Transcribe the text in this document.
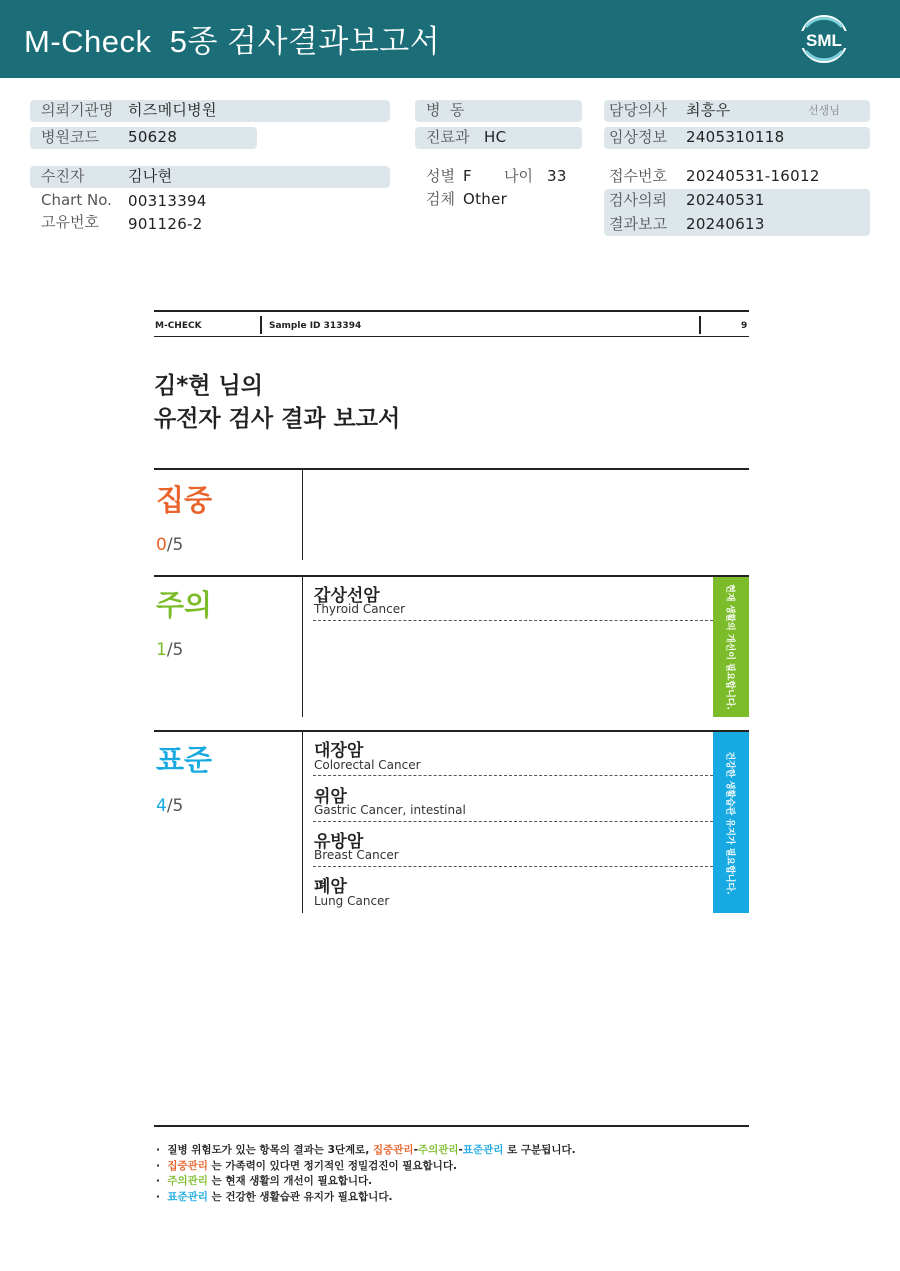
M-Check  5종 검사결과보고서	SML
의뢰기관명 히즈메디병원
병원코드 50628
병  동
진료과 HC
담당의사 최흥우	선생님
임상정보 2405310118
수진자	김나현
Chart No. 00313394
고유번호 901126-2
성별 F 나이 33
검체 Other
접수번호 20240531-16012
검사의뢰 20240531
결과보고 20240613
M-CHECK	Sample ID 313394	9
김*현 님의
유전자 검사 결과 보고서
집중
0/5
주의
1/5
갑상선암
Thyroid Cancer	현재 생활의 개선이 필요합니다.
표준
4/5
대장암
Colorectal Cancer
위암
Gastric Cancer, intestinal
유방암
Breast Cancer
폐암
Lung Cancer
건강한 생활습관 유지가 필요합니다.
·  질병 위험도가 있는 항목의 결과는 3단계로, 집중관리-주의관리-표준관리 로 구분됩니다.
·  집중관리 는 가족력이 있다면 정기적인 정밀검진이 필요합니다.
·  주의관리 는 현재 생활의 개선이 필요합니다.
·  표준관리 는 건강한 생활습관 유지가 필요합니다.
